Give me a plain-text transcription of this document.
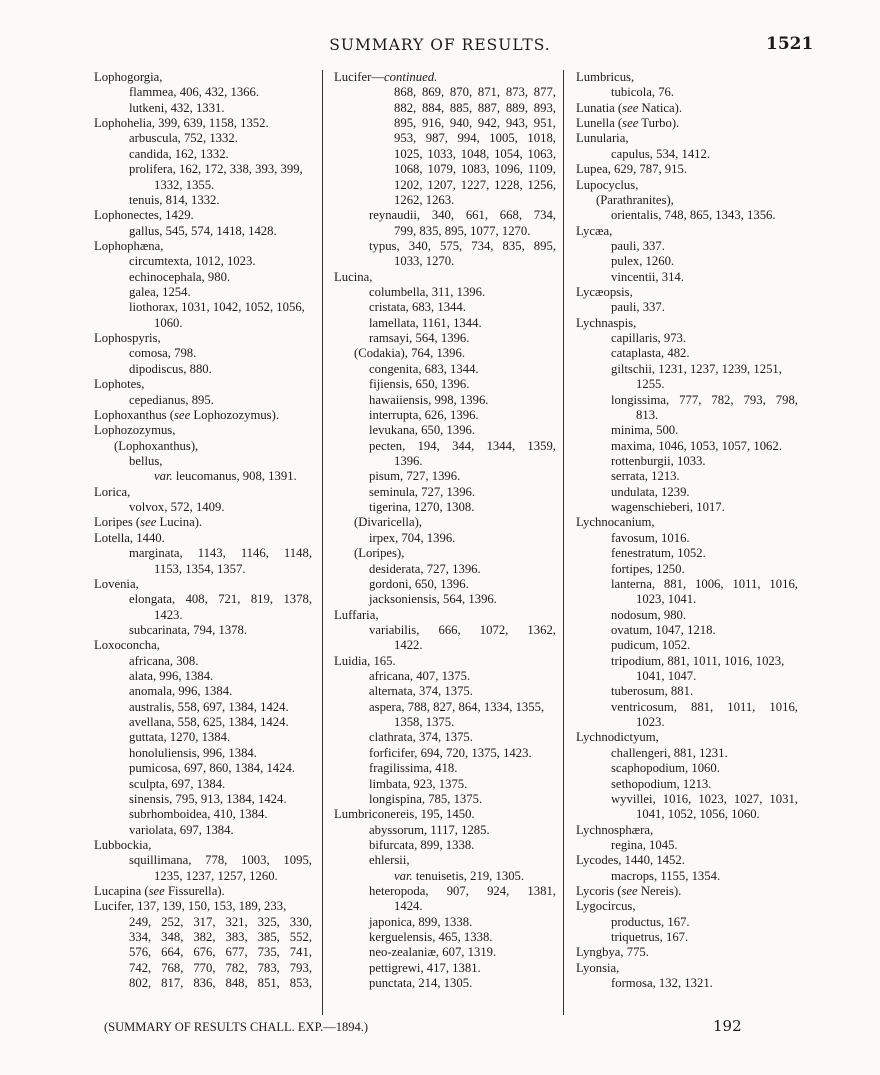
SUMMARY OF RESULTS.	1521
Lophogorgia,
flammea, 406, 432, 1366.
lutkeni, 432, 1331.
Lophohelia, 399, 639, 1158, 1352.
arbuscula, 752, 1332.
candida, 162, 1332.
prolifera, 162, 172, 338, 393, 399,
1332, 1355.
tenuis, 814, 1332.
Lophonectes, 1429.
gallus, 545, 574, 1418, 1428.
Lophophæna,
circumtexta, 1012, 1023.
echinocephala, 980.
galea, 1254.
liothorax, 1031, 1042, 1052, 1056,
1060.
Lophospyris,
comosa, 798.
dipodiscus, 880.
Lophotes,
cepedianus, 895.
Lophoxanthus (see Lophozozymus).
Lophozozymus,
(Lophoxanthus),
bellus,
var. leucomanus, 908, 1391.
Lorica,
volvox, 572, 1409.
Loripes (see Lucina).
Lotella, 1440.
marginata, 1143, 1146, 1148,
1153, 1354, 1357.
Lovenia,
elongata, 408, 721, 819, 1378,
1423.
subcarinata, 794, 1378.
Loxoconcha,
africana, 308.
alata, 996, 1384.
anomala, 996, 1384.
australis, 558, 697, 1384, 1424.
avellana, 558, 625, 1384, 1424.
guttata, 1270, 1384.
honoluliensis, 996, 1384.
pumicosa, 697, 860, 1384, 1424.
sculpta, 697, 1384.
sinensis, 795, 913, 1384, 1424.
subrhomboidea, 410, 1384.
variolata, 697, 1384.
Lubbockia,
squillimana, 778, 1003, 1095,
1235, 1237, 1257, 1260.
Lucapina (see Fissurella).
Lucifer, 137, 139, 150, 153, 189, 233,
249, 252, 317, 321, 325, 330,
334, 348, 382, 383, 385, 552,
576, 664, 676, 677, 735, 741,
742, 768, 770, 782, 783, 793,
802, 817, 836, 848, 851, 853,
Lucifer—continued.
868, 869, 870, 871, 873, 877,
882, 884, 885, 887, 889, 893,
895, 916, 940, 942, 943, 951,
953, 987, 994, 1005, 1018,
1025, 1033, 1048, 1054, 1063,
1068, 1079, 1083, 1096, 1109,
1202, 1207, 1227, 1228, 1256,
1262, 1263.
reynaudii, 340, 661, 668, 734,
799, 835, 895, 1077, 1270.
typus, 340, 575, 734, 835, 895,
1033, 1270.
Lucina,
columbella, 311, 1396.
cristata, 683, 1344.
lamellata, 1161, 1344.
ramsayi, 564, 1396.
(Codakia), 764, 1396.
congenita, 683, 1344.
fijiensis, 650, 1396.
hawaiiensis, 998, 1396.
interrupta, 626, 1396.
levukana, 650, 1396.
pecten, 194, 344, 1344, 1359,
1396.
pisum, 727, 1396.
seminula, 727, 1396.
tigerina, 1270, 1308.
(Divaricella),
irpex, 704, 1396.
(Loripes),
desiderata, 727, 1396.
gordoni, 650, 1396.
jacksoniensis, 564, 1396.
Luffaria,
variabilis, 666, 1072, 1362,
1422.
Luidia, 165.
africana, 407, 1375.
alternata, 374, 1375.
aspera, 788, 827, 864, 1334, 1355,
1358, 1375.
clathrata, 374, 1375.
forficifer, 694, 720, 1375, 1423.
fragilissima, 418.
limbata, 923, 1375.
longispina, 785, 1375.
Lumbriconereis, 195, 1450.
abyssorum, 1117, 1285.
bifurcata, 899, 1338.
ehlersii,
var. tenuisetis, 219, 1305.
heteropoda, 907, 924, 1381,
1424.
japonica, 899, 1338.
kerguelensis, 465, 1338.
neo-zealaniæ, 607, 1319.
pettigrewi, 417, 1381.
punctata, 214, 1305.
Lumbricus,
tubicola, 76.
Lunatia (see Natica).
Lunella (see Turbo).
Lunularia,
capulus, 534, 1412.
Lupea, 629, 787, 915.
Lupocyclus,
(Parathranites),
orientalis, 748, 865, 1343, 1356.
Lycæa,
pauli, 337.
pulex, 1260.
vincentii, 314.
Lycæopsis,
pauli, 337.
Lychnaspis,
capillaris, 973.
cataplasta, 482.
giltschii, 1231, 1237, 1239, 1251,
1255.
longissima, 777, 782, 793, 798,
813.
minima, 500.
maxima, 1046, 1053, 1057, 1062.
rottenburgii, 1033.
serrata, 1213.
undulata, 1239.
wagenschieberi, 1017.
Lychnocanium,
favosum, 1016.
fenestratum, 1052.
fortipes, 1250.
lanterna, 881, 1006, 1011, 1016,
1023, 1041.
nodosum, 980.
ovatum, 1047, 1218.
pudicum, 1052.
tripodium, 881, 1011, 1016, 1023,
1041, 1047.
tuberosum, 881.
ventricosum, 881, 1011, 1016,
1023.
Lychnodictyum,
challengeri, 881, 1231.
scaphopodium, 1060.
sethopodium, 1213.
wyvillei, 1016, 1023, 1027, 1031,
1041, 1052, 1056, 1060.
Lychnosphæra,
regina, 1045.
Lycodes, 1440, 1452.
macrops, 1155, 1354.
Lycoris (see Nereis).
Lygocircus,
productus, 167.
triquetrus, 167.
Lyngbya, 775.
Lyonsia,
formosa, 132, 1321.
(SUMMARY OF RESULTS CHALL. EXP.—1894.)	192
